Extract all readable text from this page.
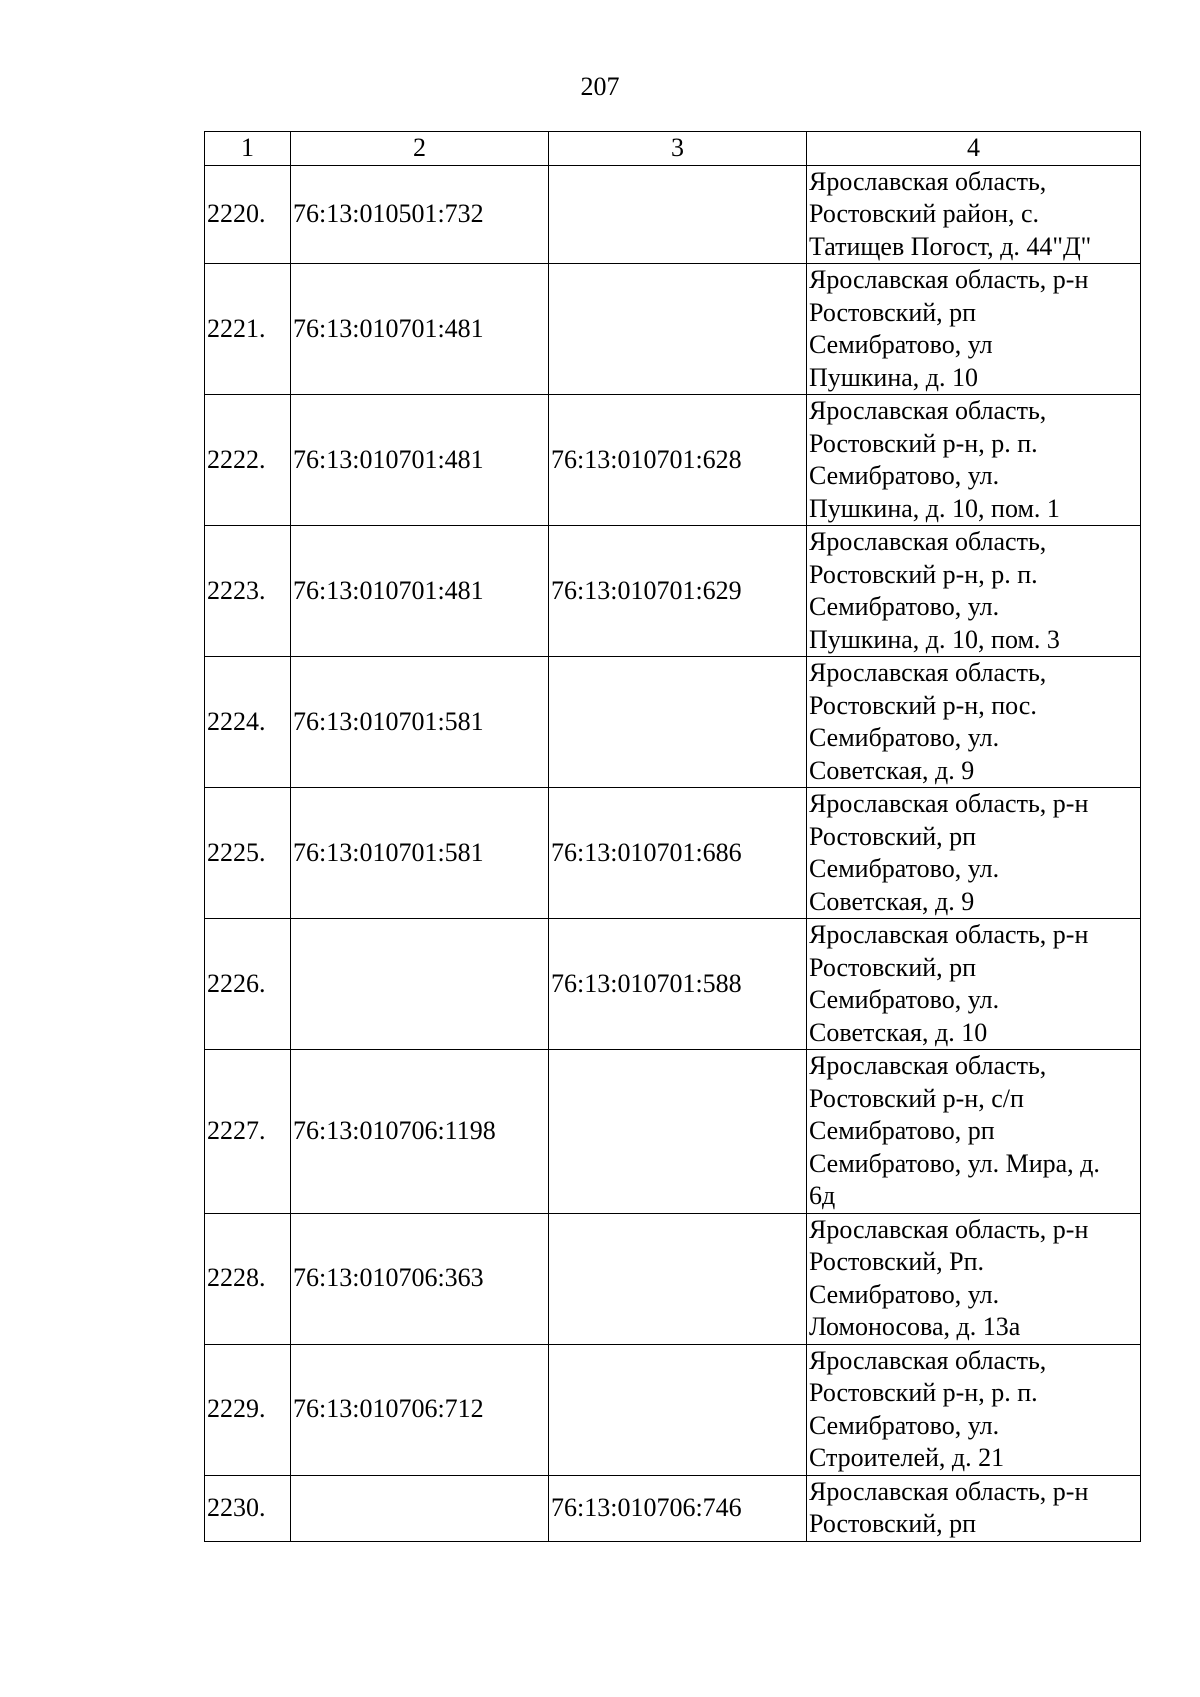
207
1	2	3	4
2220.	76:13:010501:732		Ярославская область,
Ростовский район, с.
Татищев Погост, д. 44"Д"
2221.	76:13:010701:481		Ярославская область, р-н
Ростовский, рп
Семибратово, ул
Пушкина, д. 10
2222.	76:13:010701:481	76:13:010701:628	Ярославская область,
Ростовский р-н, р. п.
Семибратово, ул.
Пушкина, д. 10, пом. 1
2223.	76:13:010701:481	76:13:010701:629	Ярославская область,
Ростовский р-н, р. п.
Семибратово, ул.
Пушкина, д. 10, пом. 3
2224.	76:13:010701:581		Ярославская область,
Ростовский р-н, пос.
Семибратово, ул.
Советская, д. 9
2225.	76:13:010701:581	76:13:010701:686	Ярославская область, р-н
Ростовский, рп
Семибратово, ул.
Советская, д. 9
2226.		76:13:010701:588	Ярославская область, р-н
Ростовский, рп
Семибратово, ул.
Советская, д. 10
2227.	76:13:010706:1198		Ярославская область,
Ростовский р-н, с/п
Семибратово, рп
Семибратово, ул. Мира, д.
6д
2228.	76:13:010706:363		Ярославская область, р-н
Ростовский, Рп.
Семибратово, ул.
Ломоносова, д. 13а
2229.	76:13:010706:712		Ярославская область,
Ростовский р-н, р. п.
Семибратово, ул.
Строителей, д. 21
2230.		76:13:010706:746	Ярославская область, р-н
Ростовский, рп
